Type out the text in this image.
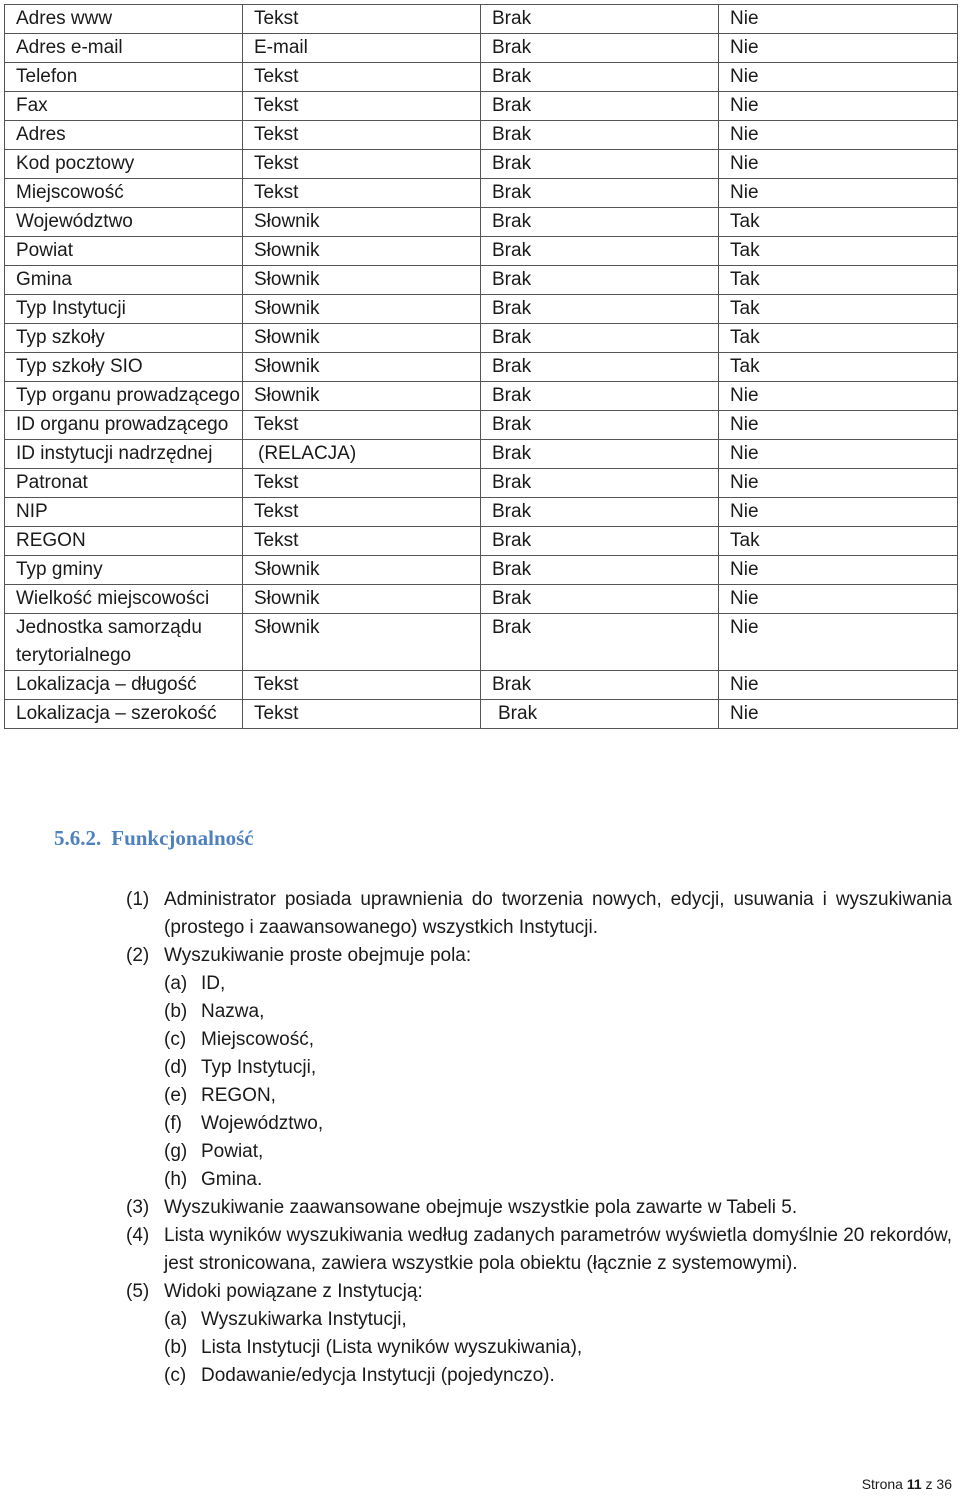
Adres www	Tekst	Brak	Nie
Adres e-mail	E-mail	Brak	Nie
Telefon	Tekst	Brak	Nie
Fax	Tekst	Brak	Nie
Adres	Tekst	Brak	Nie
Kod pocztowy	Tekst	Brak	Nie
Miejscowość	Tekst	Brak	Nie
Województwo	Słownik	Brak	Tak
Powiat	Słownik	Brak	Tak
Gmina	Słownik	Brak	Tak
Typ Instytucji	Słownik	Brak	Tak
Typ szkoły	Słownik	Brak	Tak
Typ szkoły SIO	Słownik	Brak	Tak
Typ organu prowadzącego	Słownik	Brak	Nie
ID organu prowadzącego	Tekst	Brak	Nie
ID instytucji nadrzędnej	(RELACJA)	Brak	Nie
Patronat	Tekst	Brak	Nie
NIP	Tekst	Brak	Nie
REGON	Tekst	Brak	Tak
Typ gminy	Słownik	Brak	Nie
Wielkość miejscowości	Słownik	Brak	Nie
Jednostka samorządu terytorialnego	Słownik	Brak	Nie
Lokalizacja – długość	Tekst	Brak	Nie
Lokalizacja – szerokość	Tekst	Brak	Nie
5.6.2. Funkcjonalność
(1) Administrator posiada uprawnienia do tworzenia nowych, edycji, usuwania i wyszukiwania (prostego i zaawansowanego) wszystkich Instytucji.
(2) Wyszukiwanie proste obejmuje pola:
(a) ID,
(b) Nazwa,
(c) Miejscowość,
(d) Typ Instytucji,
(e) REGON,
(f)	Województwo,
(g) Powiat,
(h) Gmina.
(3) Wyszukiwanie zaawansowane obejmuje wszystkie pola zawarte w Tabeli 5.
(4) Lista wyników wyszukiwania według zadanych parametrów wyświetla domyślnie 20 rekordów, jest stronicowana, zawiera wszystkie pola obiektu (łącznie z systemowymi).
(5) Widoki powiązane z Instytucją:
(a) Wyszukiwarka Instytucji,
(b) Lista Instytucji (Lista wyników wyszukiwania),
(c) Dodawanie/edycja Instytucji (pojedynczo).
Strona 11 z 36
